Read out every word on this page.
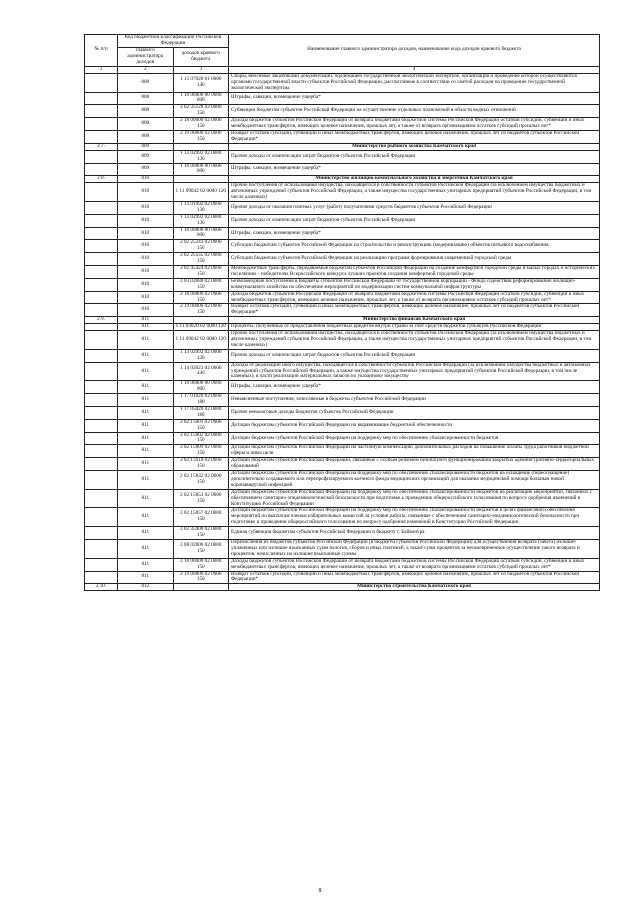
№ п/п	Код бюджетной классификации Российской Федерации		Наименование главного администратора доходов, наименование кода доходов краевого бюджета
	главного администратора доходов	доходов краевого бюджета	
1	2	3	4
	808	1 15 07020 01 0000 140	Сборы, вносимые заказчиками документации, подлежащей государственной экологической экспертизе, организация и проведение которой осуществляются органами государственной власти субъектов Российской Федерации, рассчитанные в соответствии со сметой расходов на проведение государственной экологической экспертизы
	808	1 16 00000 00 0000 000	Штрафы, санкции, возмещение ущерба*
	808	2 02 35128 02 0000 150	Субвенции бюджетам субъектов Российской Федерации на осуществление отдельных полномочий в области водных отношений
	808	2 18 00000 02 0000 150	Доходы бюджетов субъектов Российской Федерации от возврата бюджетами бюджетной системы Российской Федерации остатков субсидий, субвенций и иных межбюджетных трансфертов, имеющих целевое назначение, прошлых лет, а также от возврата организациями остатков субсидий прошлых лет*
	808	2 19 00000 02 0000 150	Возврат остатков субсидий, субвенций и иных межбюджетных трансфертов, имеющих целевое назначение, прошлых лет из бюджетов субъектов Российской Федерации*
2.7.	809		Министерство рыбного хозяйства Камчатского края
	809	1 13 02992 02 0000 130	Прочие доходы от компенсации затрат бюджетов субъектов Российской Федерации
	809	1 16 00000 00 0000 000	Штрафы, санкции, возмещение ущерба*
2.8.	810		Министерство жилищно-коммунального хозяйства и энергетики Камчатского края
	810	1 11 09042 02 0000 120	Прочие поступления от использования имущества, находящегося в собственности субъектов Российской Федерации (за исключением имущества бюджетных и автономных учреждений субъектов Российской Федерации, а также имущества государственных унитарных предприятий субъектов Российской Федерации, в том числе казенных)
	810	1 13 01992 02 0000 130	Прочие доходы от оказания платных услуг (работ) получателями средств бюджетов субъектов Российской Федерации
	810	1 13 02992 02 0000 130	Прочие доходы от компенсации затрат бюджетов субъектов Российской Федерации
	810	1 16 00000 00 0000 000	Штрафы, санкции, возмещение ущерба*
	810	2 02 25243 02 0000 150	Субсидии бюджетам субъектов Российской Федерации на строительство и реконструкцию (модернизацию) объектов питьевого водоснабжения
	810	2 02 25555 02 0000 150	Субсидии бюджетам субъектов Российской Федерации на реализацию программ формирования современной городской среды
	810	2 02 45424 02 0000 150	Межбюджетные трансферты, передаваемые бюджетам субъектов Российской Федерации на создание комфортной городской среды в малых городах и исторических поселениях - победителях Всероссийского конкурса лучших проектов создания комфортной городской среды
	810	2 03 02080 02 0000 150	Безвозмездные поступления в бюджеты субъектов Российской Федерации от государственной корпорации - Фонда содействия реформированию жилищно-коммунального хозяйства на обеспечение мероприятий по модернизации систем коммунальной инфраструктуры
	810	2 18 00000 02 0000 150	Доходы бюджетов субъектов Российской Федерации от возврата бюджетами бюджетной системы Российской Федерации остатков субсидий, субвенций и иных межбюджетных трансфертов, имеющих целевое назначение, прошлых лет, а также от возврата организациями остатков субсидий прошлых лет*
	810	2 19 00000 02 0000 150	Возврат остатков субсидий, субвенций и иных межбюджетных трансфертов, имеющих целевое назначение, прошлых лет из бюджетов субъектов Российской Федерации*
2.9.	811		Министерство финансов Камчатского края
	811	1 11 03020 02 0000 120	Проценты, полученные от предоставления бюджетных кредитов внутри страны за счет средств бюджетов субъектов Российской Федерации
	811	1 11 09042 02 0000 120	Прочие поступления от использования имущества, находящегося в собственности субъектов Российской Федерации (за исключением имущества бюджетных и автономных учреждений субъектов Российской Федерации, а также имущества государственных унитарных предприятий субъектов Российской Федерации, в том числе казенных)
	811	1 13 02992 02 0000 130	Прочие доходы от компенсации затрат бюджетов субъектов Российской Федерации
	811	1 14 02023 02 0000 440	Доходы от реализации иного имущества, находящегося в собственности субъектов Российской Федерации (за исключением имущества бюджетных и автономных учреждений субъектов Российской Федерации, а также имущества государственных унитарных предприятий субъектов Российской Федерации, в том числе казенных), в части реализации материальных запасов по указанному имуществу
	811	1 16 00000 00 0000 000	Штрафы, санкции, возмещение ущерба*
	811	1 17 01020 02 0000 180	Невыясненные поступления, зачисляемые в бюджеты субъектов Российской Федерации
	811	1 17 05020 02 0000 180	Прочие неналоговые доходы бюджетов субъектов Российской Федерации
	811	2 02 15001 02 0000 150	Дотации бюджетам субъектов Российской Федерации на выравнивание бюджетной обеспеченности
	811	2 02 15002 02 0000 150	Дотации бюджетам субъектов Российской Федерации на поддержку мер по обеспечению сбалансированности бюджетов
	811	2 02 15009 02 0000 150	Дотации бюджетам субъектов Российской Федерации на частичную компенсацию дополнительных расходов на повышение оплаты труда работников бюджетной сферы и иные цели
	811	2 02 15010 02 0000 150	Дотации бюджетам субъектов Российской Федерации, связанные с особым режимом безопасного функционирования закрытых административно-территориальных образований
	811	2 02 15832 02 0000 150	Дотации бюджетам субъектов Российской Федерации на поддержку мер по обеспечению сбалансированности бюджетов на оснащение (переоснащение) дополнительно создаваемого или перепрофилируемого коечного фонда медицинских организаций для оказания медицинской помощи больным новой коронавирусной инфекцией
	811	2 02 15853 02 0000 150	Дотации бюджетам субъектов Российской Федерации на поддержку мер по обеспечению сбалансированности бюджетов на реализацию мероприятий, связанных с обеспечением санитарно-эпидемиологической безопасности при подготовке к проведению общероссийского голосования по вопросу одобрения изменений в Конституцию Российской Федерации
	811	2 02 15857 02 0000 150	Дотации бюджетам субъектов Российской Федерации на поддержку мер по обеспечению сбалансированности бюджетов в целях финансового обеспечения мероприятий по выплатам членам избирательных комиссий за условия работы, связанные с обеспечением санитарно-эпидемиологической безопасности при подготовке и проведении общероссийского голосования по вопросу одобрения изменений в Конституцию Российской Федерации
	811	2 02 35900 02 0000 150	Единая субвенция бюджетам субъектов Российской Федерации и бюджету г. Байконура
	811	2 08 02000 02 0000 150	Перечисления из бюджетов субъектов Российской Федерации (в бюджеты субъектов Российской Федерации) для осуществления возврата (зачета) излишне уплаченных или излишне взысканных сумм налогов, сборов и иных платежей, а также сумм процентов за несвоевременное осуществление такого возврата и процентов, начисленных на излишне взысканные суммы
	811	2 18 00000 02 0000 150	Доходы бюджетов субъектов Российской Федерации от возврата бюджетами бюджетной системы Российской Федерации остатков субсидий, субвенций и иных межбюджетных трансфертов, имеющих целевое назначение, прошлых лет, а также от возврата организациями остатков субсидий прошлых лет*
	811	2 19 00000 02 0000 150	Возврат остатков субсидий, субвенций и иных межбюджетных трансфертов, имеющих целевое назначение, прошлых лет из бюджетов субъектов Российской Федерации*
2.10.	812		Министерство строительства Камчатского края
8
